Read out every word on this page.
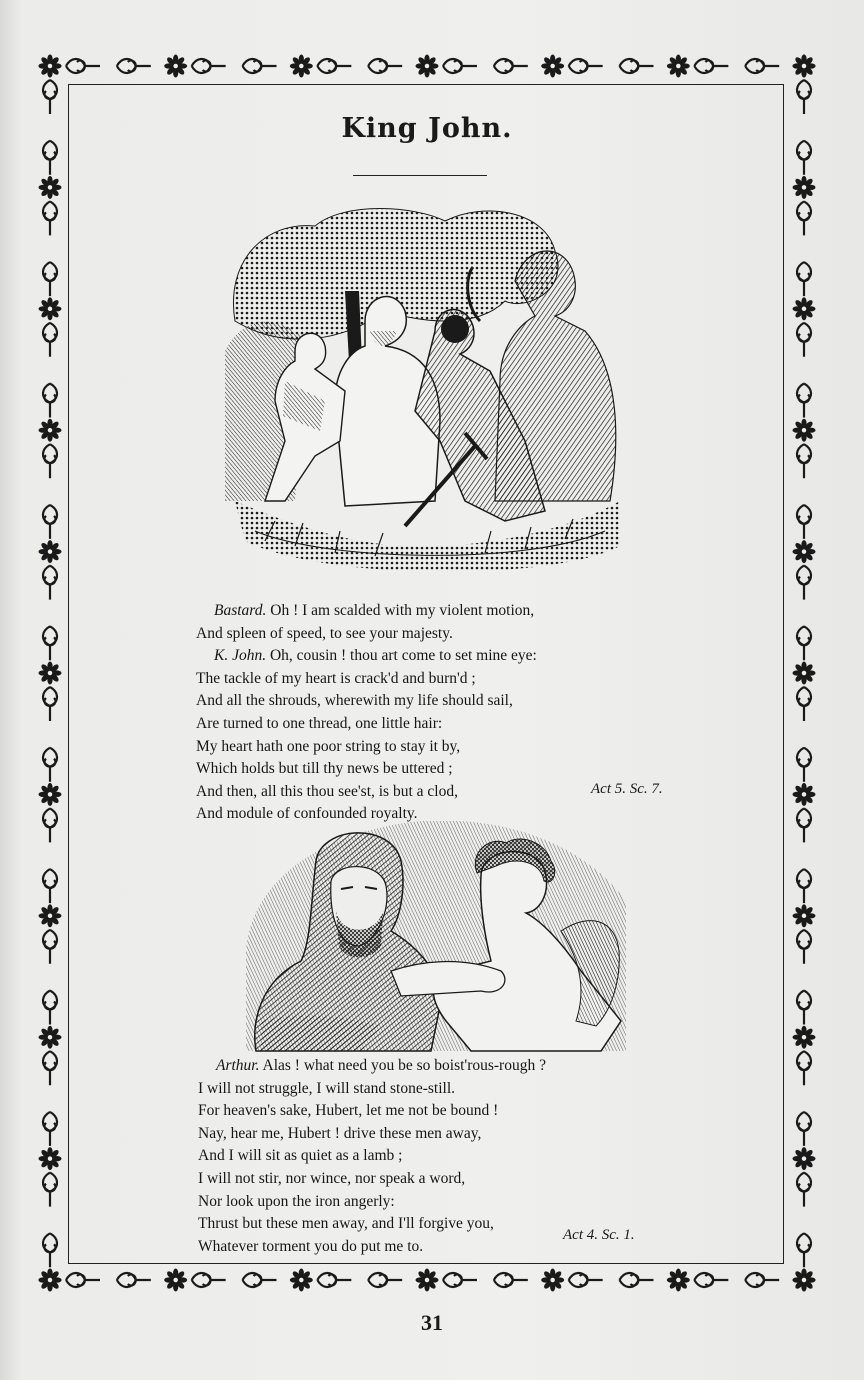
King John.
Bastard. Oh ! I am scalded with my violent motion,
And spleen of speed, to see your majesty.
K. John. Oh, cousin ! thou art come to set mine eye:
The tackle of my heart is crack'd and burn'd ;
And all the shrouds, wherewith my life should sail,
Are turned to one thread, one little hair:
My heart hath one poor string to stay it by,
Which holds but till thy news be uttered ;
And then, all this thou see'st, is but a clod,
And module of confounded royalty.
Act 5. Sc. 7.
Arthur. Alas ! what need you be so boist'rous-rough ?
I will not struggle, I will stand stone-still.
For heaven's sake, Hubert, let me not be bound !
Nay, hear me, Hubert ! drive these men away,
And I will sit as quiet as a lamb ;
I will not stir, nor wince, nor speak a word,
Nor look upon the iron angerly:
Thrust but these men away, and I'll forgive you,
Whatever torment you do put me to.
Act 4. Sc. 1.
31
